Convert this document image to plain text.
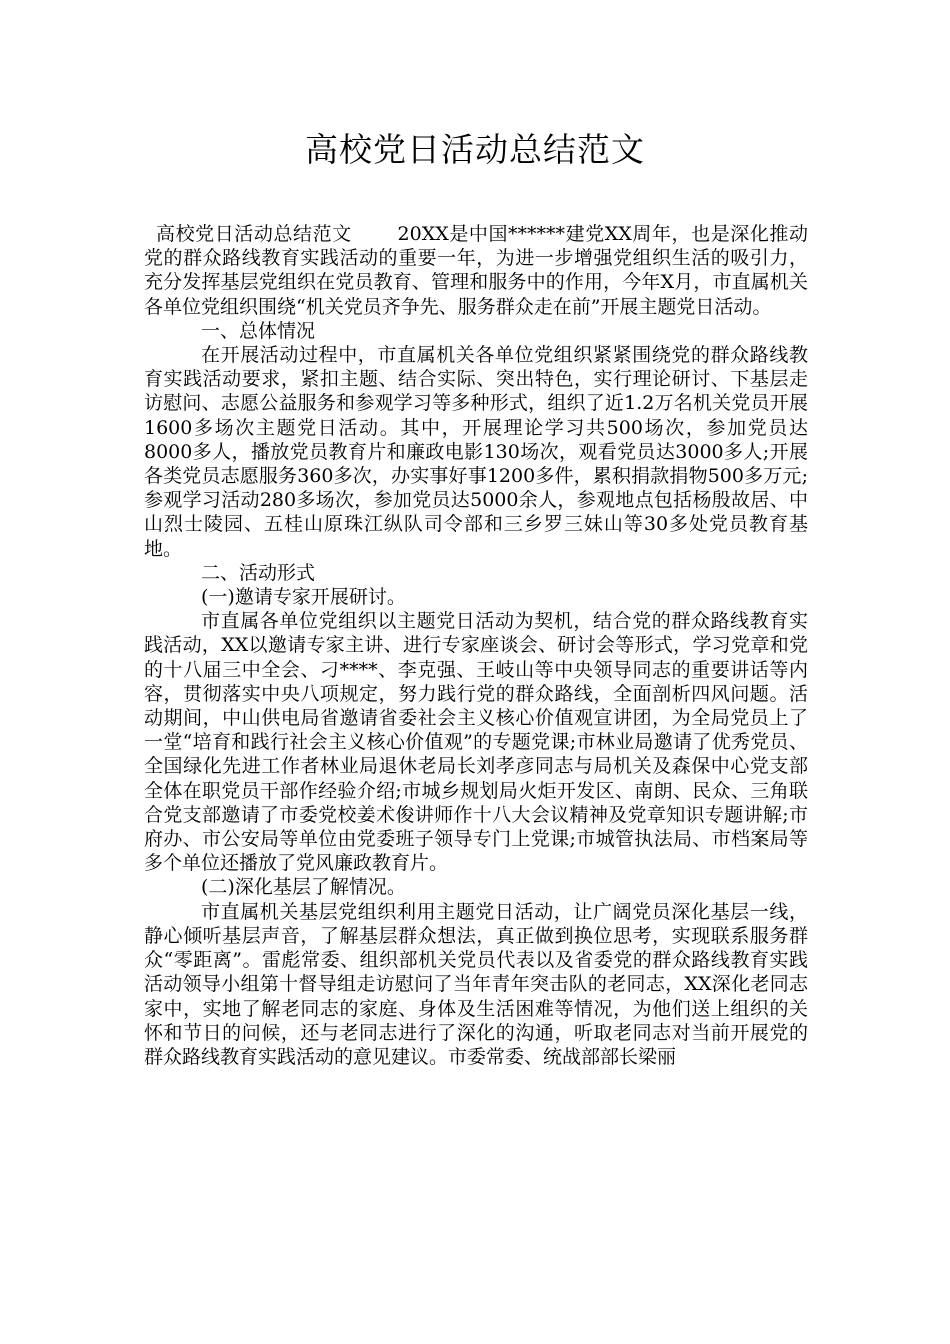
高校党日活动总结范文

高校党日活动总结范文　　 20XX是中国******建党XX周年，也是深化推动党的群众路线教育实践活动的重要一年，为进一步增强党组织生活的吸引力，充分发挥基层党组织在党员教育、管理和服务中的作用，今年X月，市直属机关各单位党组织围绕“机关党员齐争先、服务群众走在前”开展主题党日活动。

一、总体情况

在开展活动过程中，市直属机关各单位党组织紧紧围绕党的群众路线教育实践活动要求，紧扣主题、结合实际、突出特色，实行理论研讨、下基层走访慰问、志愿公益服务和参观学习等多种形式，组织了近1.2万名机关党员开展1600多场次主题党日活动。其中，开展理论学习共500场次，参加党员达8000多人，播放党员教育片和廉政电影130场次，观看党员达3000多人;开展各类党员志愿服务360多次，办实事好事1200多件，累积捐款捐物500多万元;参观学习活动280多场次，参加党员达5000余人，参观地点包括杨殷故居、中山烈士陵园、五桂山原珠江纵队司令部和三乡罗三妹山等30多处党员教育基地。

二、活动形式

(一)邀请专家开展研讨。

市直属各单位党组织以主题党日活动为契机，结合党的群众路线教育实践活动，XX以邀请专家主讲、进行专家座谈会、研讨会等形式，学习党章和党的十八届三中全会、刁****、李克强、王岐山等中央领导同志的重要讲话等内容，贯彻落实中央八项规定，努力践行党的群众路线，全面剖析四风问题。活动期间，中山供电局省邀请省委社会主义核心价值观宣讲团，为全局党员上了一堂“培育和践行社会主义核心价值观”的专题党课;市林业局邀请了优秀党员、全国绿化先进工作者林业局退休老局长刘孝彦同志与局机关及森保中心党支部全体在职党员干部作经验介绍;市城乡规划局火炬开发区、南朗、民众、三角联合党支部邀请了市委党校姜术俊讲师作十八大会议精神及党章知识专题讲解;市府办、市公安局等单位由党委班子领导专门上党课;市城管执法局、市档案局等多个单位还播放了党风廉政教育片。

(二)深化基层了解情况。

市直属机关基层党组织利用主题党日活动，让广阔党员深化基层一线，静心倾听基层声音，了解基层群众想法，真正做到换位思考，实现联系服务群众“零距离”。雷彪常委、组织部机关党员代表以及省委党的群众路线教育实践活动领导小组第十督导组走访慰问了当年青年突击队的老同志，XX深化老同志家中，实地了解老同志的家庭、身体及生活困难等情况，为他们送上组织的关怀和节日的问候，还与老同志进行了深化的沟通，听取老同志对当前开展党的群众路线教育实践活动的意见建议。市委常委、统战部部长梁丽
